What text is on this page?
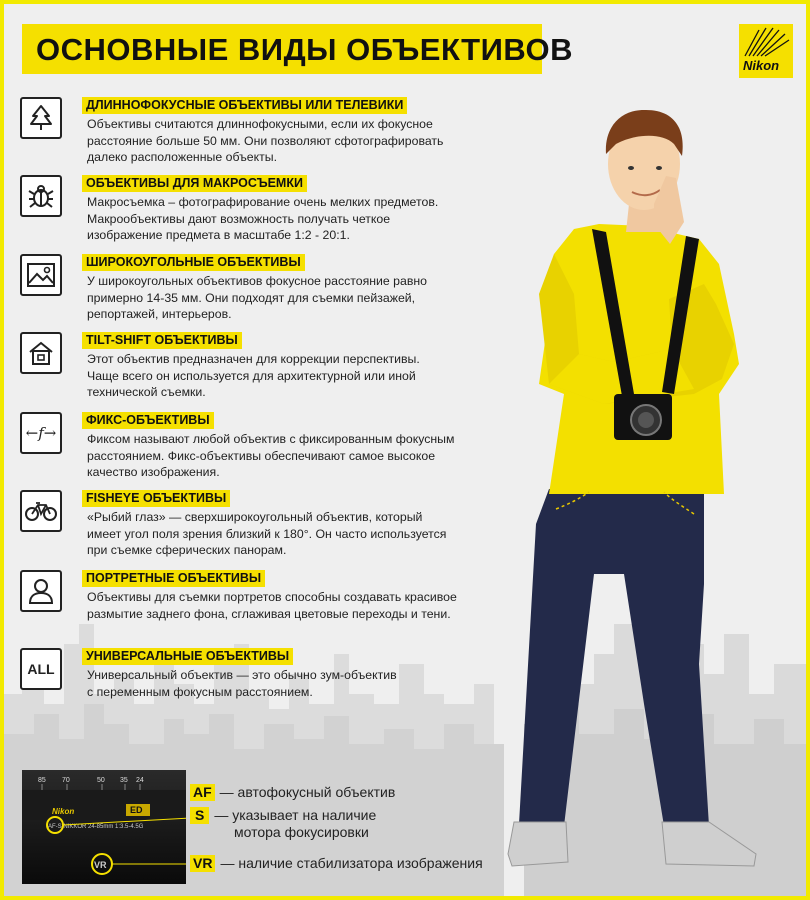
ОСНОВНЫЕ ВИДЫ ОБЪЕКТИВОВ	Nikon
ДЛИННОФОКУСНЫЕ ОБЪЕКТИВЫ ИЛИ ТЕЛЕВИКИ
Объективы считаются длиннофокусными, если их фокусное
расстояние больше 50 мм. Они позволяют сфотографировать
далеко расположенные объекты.
ОБЪЕКТИВЫ ДЛЯ МАКРОСЪЕМКИ
Макросъемка – фотографирование очень мелких предметов.
Макрообъективы дают возможность получать четкое
изображение предмета в масштабе 1:2 - 20:1.
ШИРОКОУГОЛЬНЫЕ ОБЪЕКТИВЫ
У широкоугольных объективов фокусное расстояние равно
примерно 14-35 мм. Они подходят для съемки пейзажей,
репортажей, интерьеров.
TILT-SHIFT ОБЪЕКТИВЫ
Этот объектив предназначен для коррекции перспективы.
Чаще всего он используется для архитектурной или иной
технической съемки.
←f→
ФИКС-ОБЪЕКТИВЫ
Фиксом называют любой объектив с фиксированным фокусным
расстоянием. Фикс-объективы обеспечивают самое высокое
качество изображения.
FISHEYE ОБЪЕКТИВЫ
«Рыбий глаз» — сверхширокоугольный объектив, который
имеет угол поля зрения близкий к 180°. Он часто используется
при съемке сферических панорам.
ПОРТРЕТНЫЕ ОБЪЕКТИВЫ
Объективы для съемки портретов способны создавать красивое
размытие заднего фона, сглаживая цветовые переходы и тени.
ALL
УНИВЕРСАЛЬНЫЕ ОБЪЕКТИВЫ
Универсальный объектив — это обычно зум-объектив
с переменным фокусным расстоянием.
85 70	50 35 24
Nikon	ED
AF-S NIKKOR 24-85mm 1:3.5-4.5G
VR
AF — автофокусный объектив
S — указывает на наличие
мотора фокусировки
VR — наличие стабилизатора изображения
